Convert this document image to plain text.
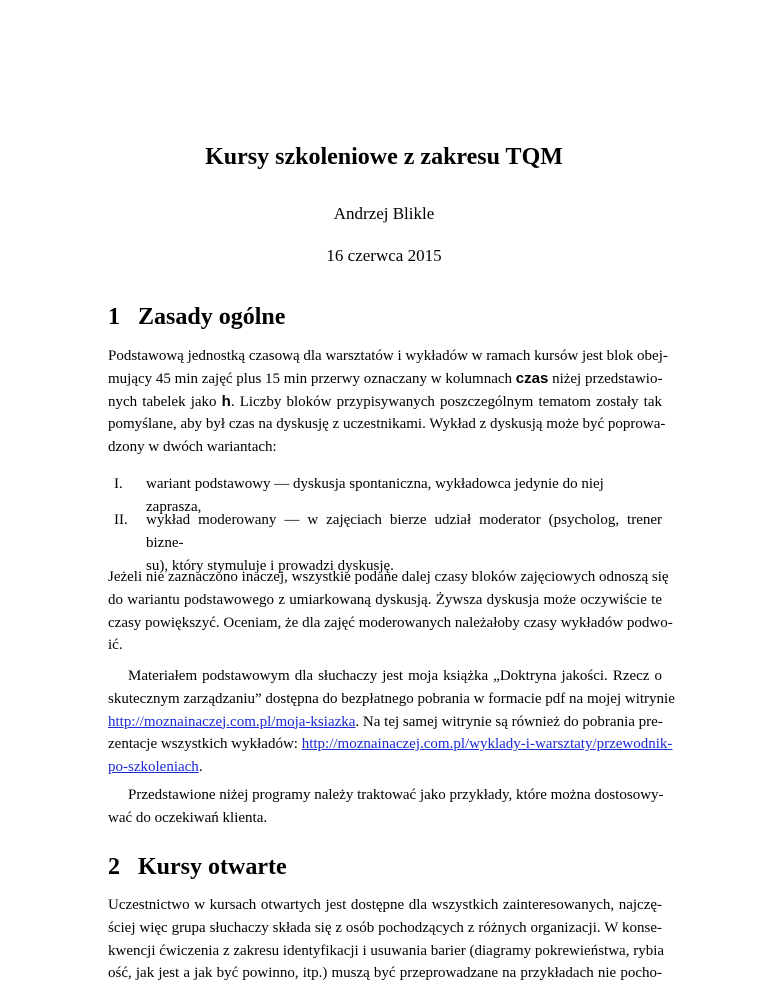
Kursy szkoleniowe z zakresu TQM
Andrzej Blikle
16 czerwca 2015
1 Zasady ogólne
Podstawową jednostką czasową dla warsztatów i wykładów w ramach kursów jest blok obej-
mujący 45 min zajęć plus 15 min przerwy oznaczany w kolumnach czas niżej przedstawio-
nych tabelek jako h. Liczby bloków przypisywanych poszczególnym tematom zostały tak
pomyślane, aby był czas na dyskusję z uczestnikami. Wykład z dyskusją może być poprowa-
dzony w dwóch wariantach:
I.	wariant podstawowy ― dyskusja spontaniczna, wykładowca jedynie do niej zaprasza,
II.	wykład moderowany ― w zajęciach bierze udział moderator (psycholog, trener bizne-
su), który stymuluje i prowadzi dyskusję.
Jeżeli nie zaznaczono inaczej, wszystkie podane dalej czasy bloków zajęciowych odnoszą się
do wariantu podstawowego z umiarkowaną dyskusją. Żywsza dyskusja może oczywiście te
czasy powiększyć. Oceniam, że dla zajęć moderowanych należałoby czasy wykładów podwo-
ić.
Materiałem podstawowym dla słuchaczy jest moja książka „Doktryna jakości. Rzecz o
skutecznym zarządzaniu” dostępna do bezpłatnego pobrania w formacie pdf na mojej witrynie
http://moznainaczej.com.pl/moja-ksiazka. Na tej samej witrynie są również do pobrania pre-
zentacje wszystkich wykładów: http://moznainaczej.com.pl/wyklady-i-warsztaty/przewodnik-
po-szkoleniach.
Przedstawione niżej programy należy traktować jako przykłady, które można dostosowy-
wać do oczekiwań klienta.
2 Kursy otwarte
Uczestnictwo w kursach otwartych jest dostępne dla wszystkich zainteresowanych, najczę-
ściej więc grupa słuchaczy składa się z osób pochodzących z różnych organizacji. W konse-
kwencji ćwiczenia z zakresu identyfikacji i usuwania barier (diagramy pokrewieństwa, rybia
ość, jak jest a jak być powinno, itp.) muszą być przeprowadzane na przykładach nie pocho-
